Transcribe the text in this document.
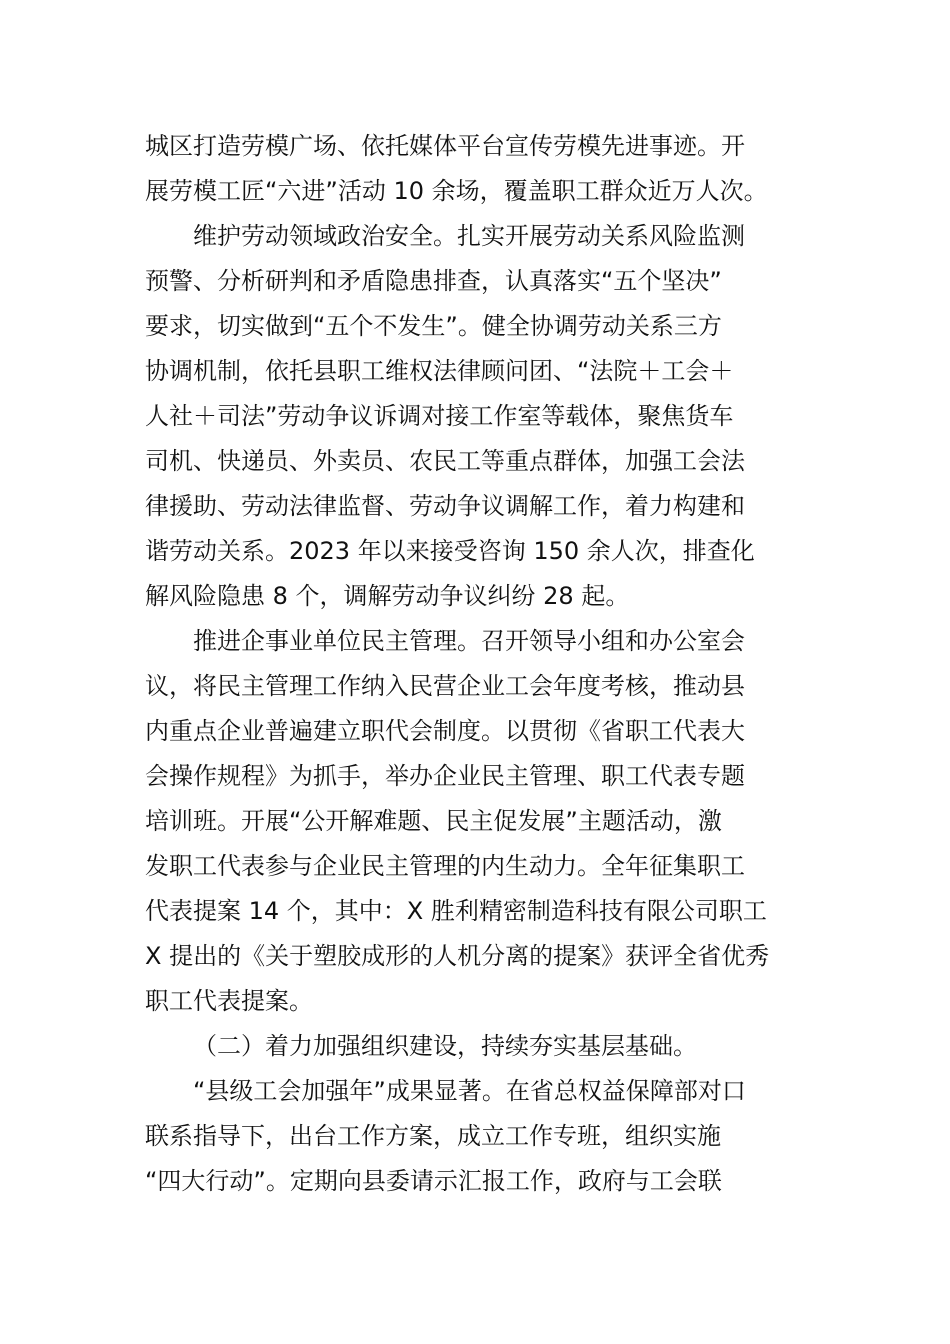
城区打造劳模广场、依托媒体平台宣传劳模先进事迹。开
展劳模工匠“六进”活动 10 余场，覆盖职工群众近万人次。
维护劳动领域政治安全。扎实开展劳动关系风险监测
预警、分析研判和矛盾隐患排查，认真落实“五个坚决”
要求，切实做到“五个不发生”。健全协调劳动关系三方
协调机制，依托县职工维权法律顾问团、“法院＋工会＋
人社＋司法”劳动争议诉调对接工作室等载体，聚焦货车
司机、快递员、外卖员、农民工等重点群体，加强工会法
律援助、劳动法律监督、劳动争议调解工作，着力构建和
谐劳动关系。2023 年以来接受咨询 150 余人次，排查化
解风险隐患 8 个，调解劳动争议纠纷 28 起。
推进企事业单位民主管理。召开领导小组和办公室会
议，将民主管理工作纳入民营企业工会年度考核，推动县
内重点企业普遍建立职代会制度。以贯彻《省职工代表大
会操作规程》为抓手，举办企业民主管理、职工代表专题
培训班。开展“公开解难题、民主促发展”主题活动，激
发职工代表参与企业民主管理的内生动力。全年征集职工
代表提案 14 个，其中：X 胜利精密制造科技有限公司职工
X 提出的《关于塑胶成形的人机分离的提案》获评全省优秀
职工代表提案。
（二）着力加强组织建设，持续夯实基层基础。
“县级工会加强年”成果显著。在省总权益保障部对口
联系指导下，出台工作方案，成立工作专班，组织实施
“四大行动”。定期向县委请示汇报工作，政府与工会联
